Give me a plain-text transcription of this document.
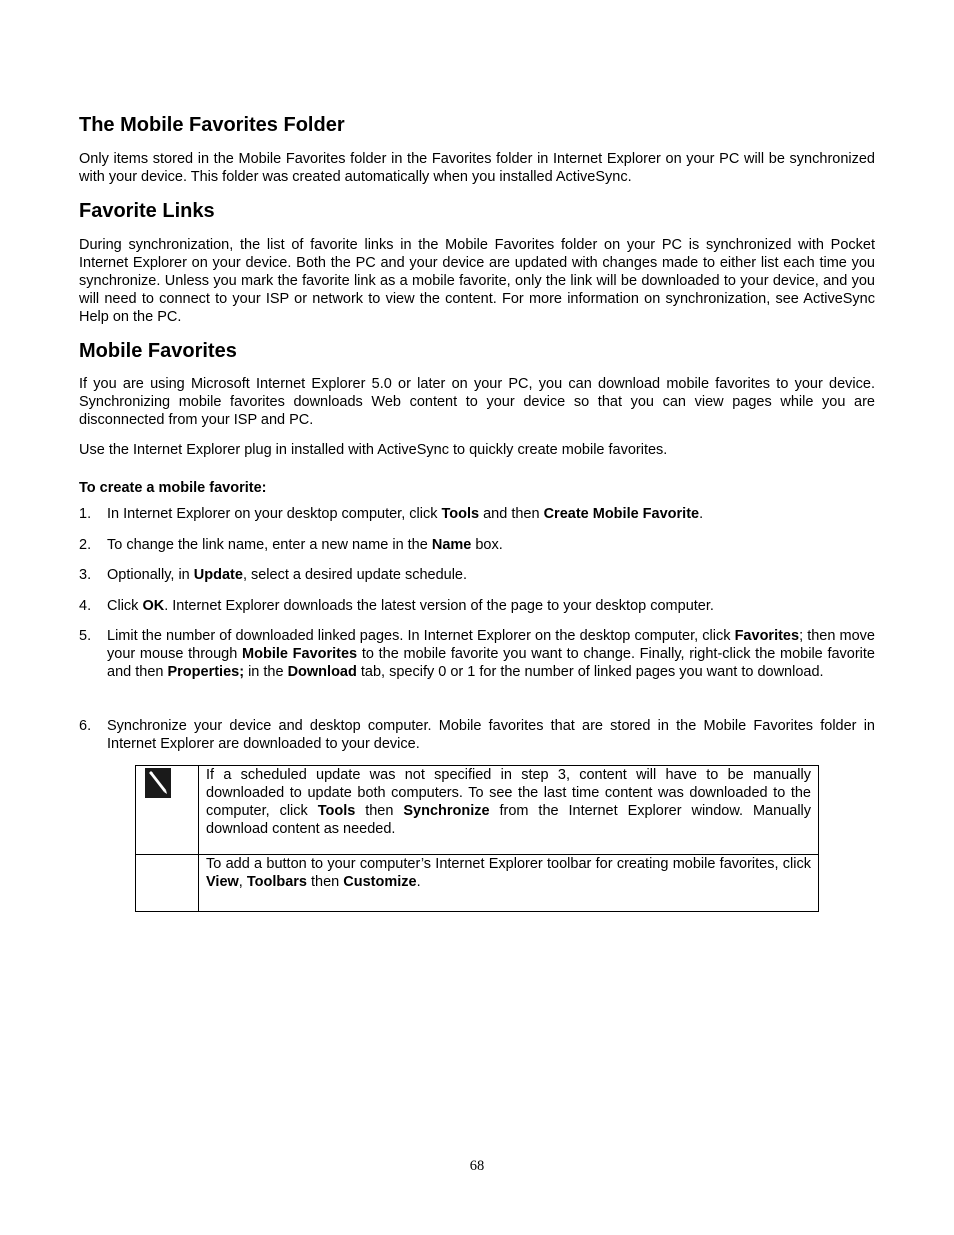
The Mobile Favorites Folder

Only items stored in the Mobile Favorites folder in the Favorites folder in Internet Explorer on your PC will be synchronized with your device. This folder was created automatically when you installed ActiveSync.

Favorite Links

During synchronization, the list of favorite links in the Mobile Favorites folder on your PC is synchronized with Pocket Internet Explorer on your device. Both the PC and your device are updated with changes made to either list each time you synchronize. Unless you mark the favorite link as a mobile favorite, only the link will be downloaded to your device, and you will need to connect to your ISP or network to view the content. For more information on synchronization, see ActiveSync Help on the PC.

Mobile Favorites

If you are using Microsoft Internet Explorer 5.0 or later on your PC, you can download mobile favorites to your device. Synchronizing mobile favorites downloads Web content to your device so that you can view pages while you are disconnected from your ISP and PC.

Use the Internet Explorer plug in installed with ActiveSync to quickly create mobile favorites.

To create a mobile favorite:
1. In Internet Explorer on your desktop computer, click Tools and then Create Mobile Favorite.
2. To change the link name, enter a new name in the Name box.
3. Optionally, in Update, select a desired update schedule.
4. Click OK. Internet Explorer downloads the latest version of the page to your desktop computer.
5. Limit the number of downloaded linked pages. In Internet Explorer on the desktop computer, click Favorites; then move your mouse through Mobile Favorites to the mobile favorite you want to change. Finally, right-click the mobile favorite and then Properties; in the Download tab, specify 0 or 1 for the number of linked pages you want to download.
6. Synchronize your device and desktop computer. Mobile favorites that are stored in the Mobile Favorites folder in Internet Explorer are downloaded to your device.
	If a scheduled update was not specified in step 3, content will have to be manually downloaded to update both computers. To see the last time content was downloaded to the computer, click Tools then Synchronize from the Internet Explorer window. Manually download content as needed.
	To add a button to your computer’s Internet Explorer toolbar for creating mobile favorites, click View, Toolbars then Customize.
68
